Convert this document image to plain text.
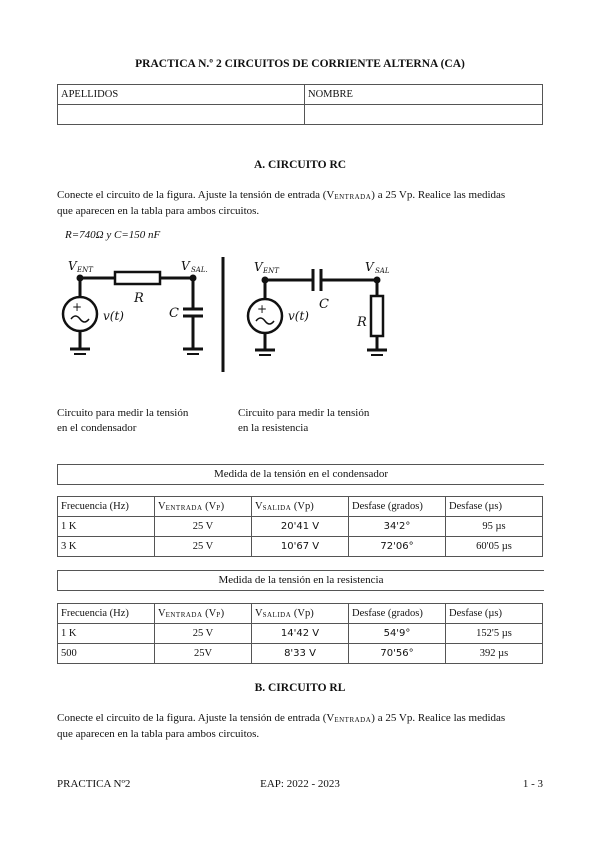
PRACTICA N.º 2 CIRCUITOS DE CORRIENTE ALTERNA (CA)
APELLIDOS	NOMBRE

A. CIRCUITO RC
Conecte el circuito de la figura. Ajuste la tensión de entrada $(V_{ENTRADA})$ a 25 Vp. Realice las medidas
que aparecen en la tabla para ambos circuitos.
R=740Ω y C=150 nF
+
V ENT	V SAL.
R
C
v(t)	+
V ENT	V SAL
C
R
v(t)
Circuito para medir la tensión
en el condensador
Circuito para medir la tensión
en la resistencia
Medida de la tensión en el condensador
Frecuencia (Hz)	$V_{ENTRADA}$ $(V_P)$	$V_{SALIDA}$ (Vp)	Desfase (grados)	Desfase (µs)
1 K	25 V	20'41 V	34'2°	95 µs
3 K	25 V	10'67 V	72'06°	60'05 µs
Medida de la tensión en la resistencia
Frecuencia (Hz)	$V_{ENTRADA}$ $(V_P)$	$V_{SALIDA}$ (Vp)	Desfase (grados)	Desfase (µs)
1 K	25 V	14'42 V	54'9°	152'5 µs
500	25V	8'33 V	70'56°	392 µs
B. CIRCUITO RL
Conecte el circuito de la figura. Ajuste la tensión de entrada $(V_{ENTRADA})$ a 25 Vp. Realice las medidas
que aparecen en la tabla para ambos circuitos.
PRACTICA Nº2	EAP: 2022 - 2023	1 - 3
